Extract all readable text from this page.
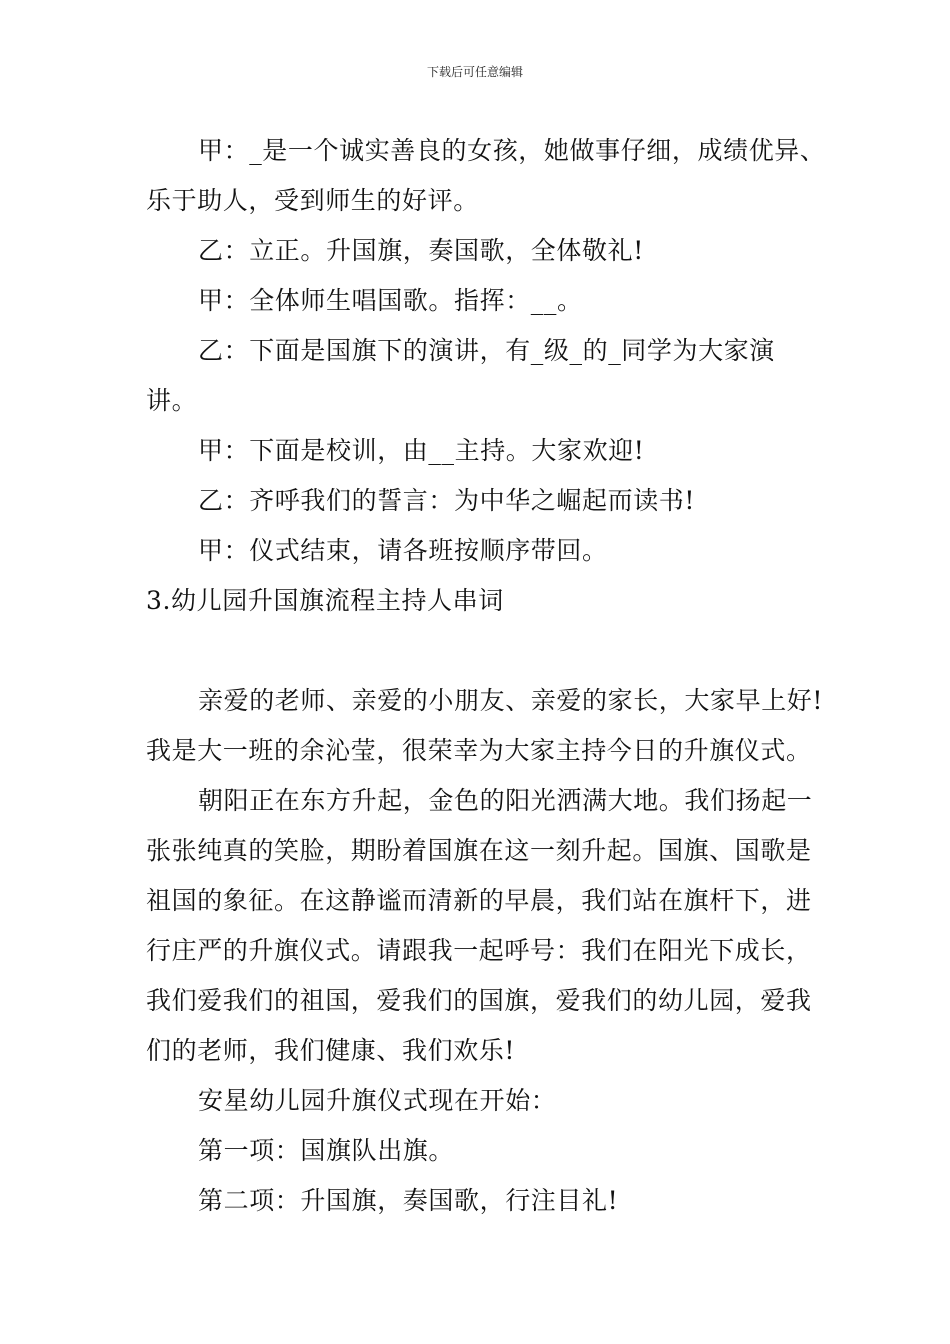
下载后可任意编辑

甲：_是一个诚实善良的女孩，她做事仔细，成绩优异、乐于助人，受到师生的好评。

乙：立正。升国旗，奏国歌，全体敬礼!

甲：全体师生唱国歌。指挥：__。

乙：下面是国旗下的演讲，有_级_的_同学为大家演讲。

甲：下面是校训，由__主持。大家欢迎!

乙：齐呼我们的誓言：为中华之崛起而读书!

甲：仪式结束，请各班按顺序带回。

3.幼儿园升国旗流程主持人串词

亲爱的老师、亲爱的小朋友、亲爱的家长，大家早上好!我是大一班的余沁莹，很荣幸为大家主持今日的升旗仪式。

朝阳正在东方升起，金色的阳光洒满大地。我们扬起一张张纯真的笑脸，期盼着国旗在这一刻升起。国旗、国歌是祖国的象征。在这静谧而清新的早晨，我们站在旗杆下，进行庄严的升旗仪式。请跟我一起呼号：我们在阳光下成长，我们爱我们的祖国，爱我们的国旗，爱我们的幼儿园，爱我们的老师，我们健康、我们欢乐!

安星幼儿园升旗仪式现在开始：

第一项：国旗队出旗。

第二项：升国旗，奏国歌，行注目礼!
